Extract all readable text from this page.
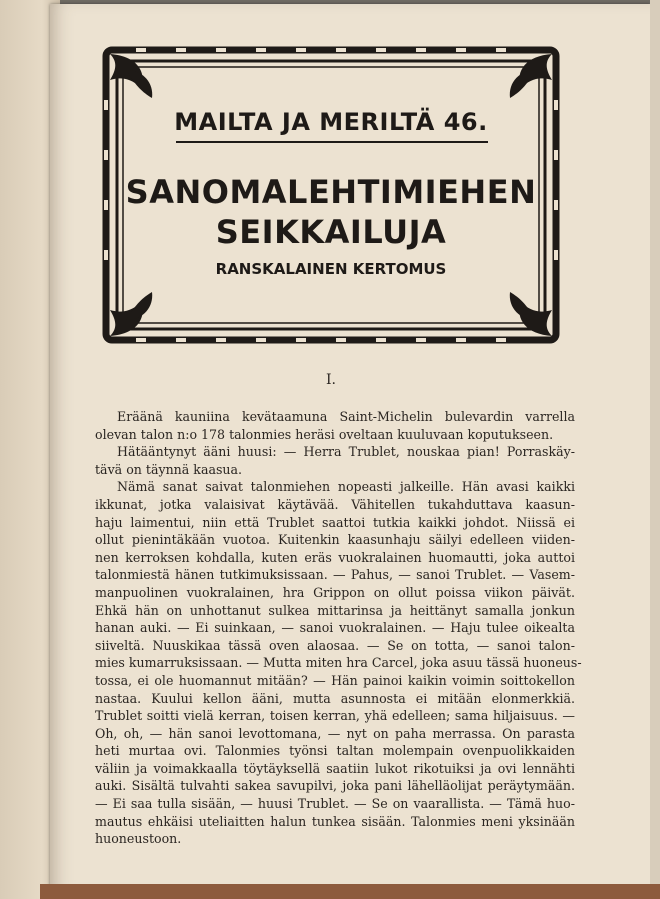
MAILTA JA MERILTÄ 46.
SANOMALEHTIMIEHEN
SEIKKAILUJA
RANSKALAINEN KERTOMUS
I.
Eräänä kauniina kevätaamuna Saint-Michelin bulevardin varrella
olevan talon n:o 178 talonmies heräsi oveltaan kuuluvaan koputukseen.
Hätääntynyt ääni huusi: — Herra Trublet, nouskaa pian! Porraskäy-
tävä on täynnä kaasua.
Nämä sanat saivat talonmiehen nopeasti jalkeille. Hän avasi kaikki
ikkunat, jotka valaisivat käytävää. Vähitellen tukahduttava kaasun-
haju laimentui, niin että Trublet saattoi tutkia kaikki johdot. Niissä ei
ollut pienintäkään vuotoa. Kuitenkin kaasunhaju säilyi edelleen viiden-
nen kerroksen kohdalla, kuten eräs vuokralainen huomautti, joka auttoi
talonmiestä hänen tutkimuksissaan. — Pahus, — sanoi Trublet. — Vasem-
manpuolinen vuokralainen, hra Grippon on ollut poissa viikon päivät.
Ehkä hän on unhottanut sulkea mittarinsa ja heittänyt samalla jonkun
hanan auki. — Ei suinkaan, — sanoi vuokralainen. — Haju tulee oikealta
siiveltä. Nuuskikaa tässä oven alaosaa. — Se on totta, — sanoi talon-
mies kumarruksissaan. — Mutta miten hra Carcel, joka asuu tässä huoneus-
tossa, ei ole huomannut mitään? — Hän painoi kaikin voimin soittokellon
nastaa. Kuului kellon ääni, mutta asunnosta ei mitään elonmerkkiä.
Trublet soitti vielä kerran, toisen kerran, yhä edelleen; sama hiljaisuus. —
Oh, oh, — hän sanoi levottomana, — nyt on paha merrassa. On parasta
heti murtaa ovi. Talonmies työnsi taltan molempain ovenpuolikkaiden
väliin ja voimakkaalla töytäyksellä saatiin lukot rikotuiksi ja ovi lennähti
auki. Sisältä tulvahti sakea savupilvi, joka pani lähelläolijat peräytymään.
— Ei saa tulla sisään, — huusi Trublet. — Se on vaarallista. — Tämä huo-
mautus ehkäisi uteliaitten halun tunkea sisään. Talonmies meni yksinään
huoneustoon.
